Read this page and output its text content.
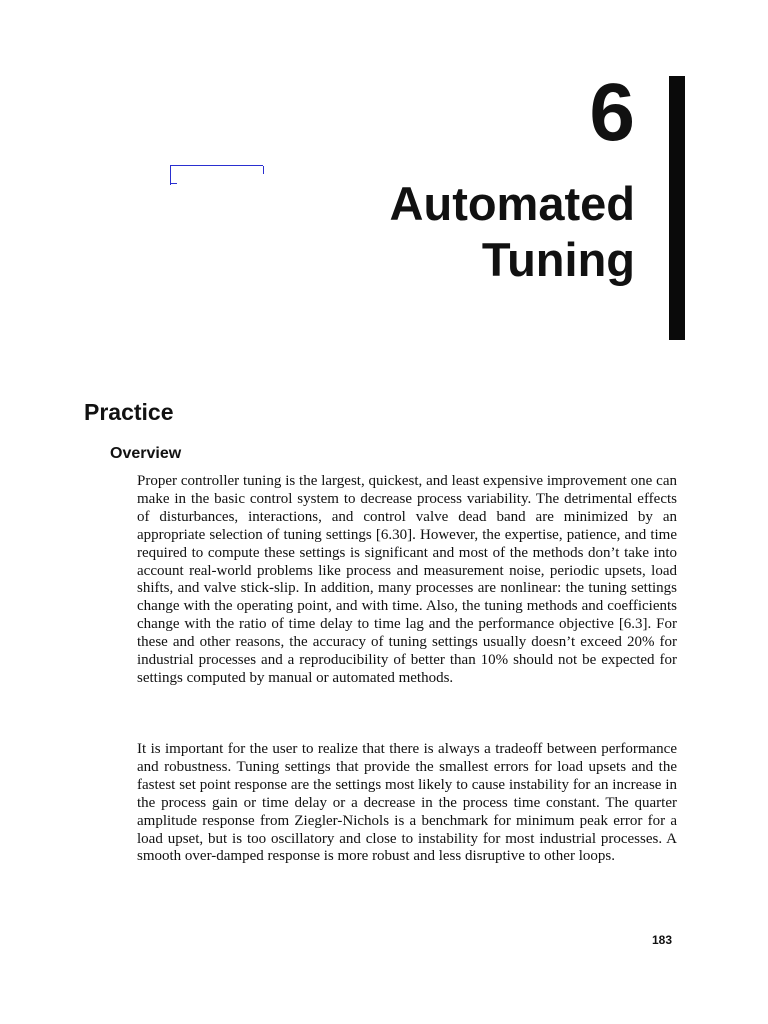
6
Automated
Tuning
Practice
Overview

Proper controller tuning is the largest, quickest, and least expensive improvement one can make in the basic control system to decrease process variability. The detrimental effects of disturbances, interactions, and control valve dead band are minimized by an appropriate selection of tuning settings [6.30]. However, the expertise, patience, and time required to compute these settings is significant and most of the methods don’t take into account real-world problems like process and measurement noise, periodic upsets, load shifts, and valve stick-slip. In addition, many processes are nonlinear: the tuning settings change with the operating point, and with time. Also, the tuning methods and coefficients change with the ratio of time delay to time lag and the performance objective [6.3]. For these and other reasons, the accuracy of tuning settings usually doesn’t exceed 20% for industrial processes and a reproducibility of better than 10% should not be expected for settings computed by manual or automated methods.

It is important for the user to realize that there is always a tradeoff between performance and robustness. Tuning settings that provide the smallest errors for load upsets and the fastest set point response are the settings most likely to cause instability for an increase in the process gain or time delay or a decrease in the process time constant. The quarter amplitude response from Ziegler-Nichols is a benchmark for minimum peak error for a load upset, but is too oscillatory and close to instability for most industrial processes. A smooth over-damped response is more robust and less disruptive to other loops.

183
